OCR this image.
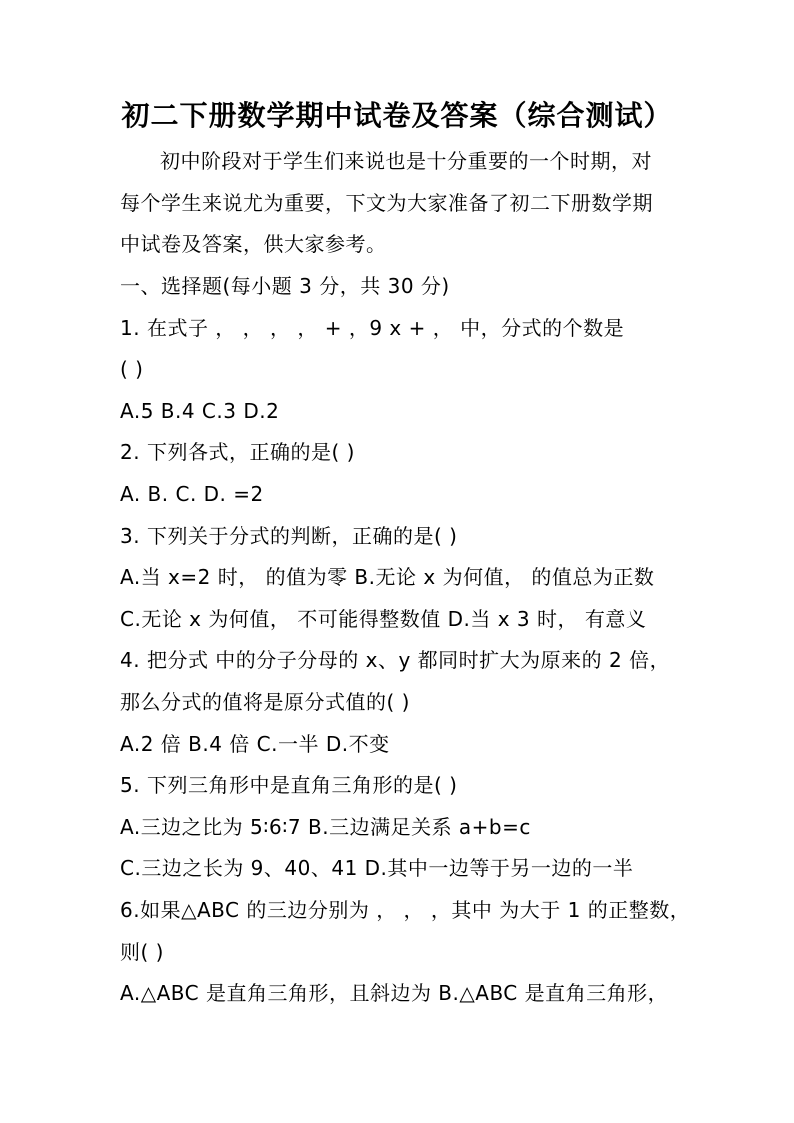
初二下册数学期中试卷及答案（综合测试）
初中阶段对于学生们来说也是十分重要的一个时期，对
每个学生来说尤为重要，下文为大家准备了初二下册数学期
中试卷及答案，供大家参考。
一、选择题(每小题 3 分，共 30 分)
1. 在式子 ， ， ， ， + ，9 x + ， 中，分式的个数是
( )
A.5 B.4 C.3 D.2
2. 下列各式，正确的是( )
A. B. C. D. =2
3. 下列关于分式的判断，正确的是( )
A.当 x=2 时， 的值为零 B.无论 x 为何值， 的值总为正数
C.无论 x 为何值， 不可能得整数值 D.当 x 3 时， 有意义
4. 把分式 中的分子分母的 x、y 都同时扩大为原来的 2 倍，
那么分式的值将是原分式值的( )
A.2 倍 B.4 倍 C.一半 D.不变
5. 下列三角形中是直角三角形的是( )
A.三边之比为 5∶6∶7 B.三边满足关系 a+b=c
C.三边之长为 9、40、41 D.其中一边等于另一边的一半
6.如果△ABC 的三边分别为 ， ， ，其中 为大于 1 的正整数，
则( )
A.△ABC 是直角三角形，且斜边为 B.△ABC 是直角三角形，
